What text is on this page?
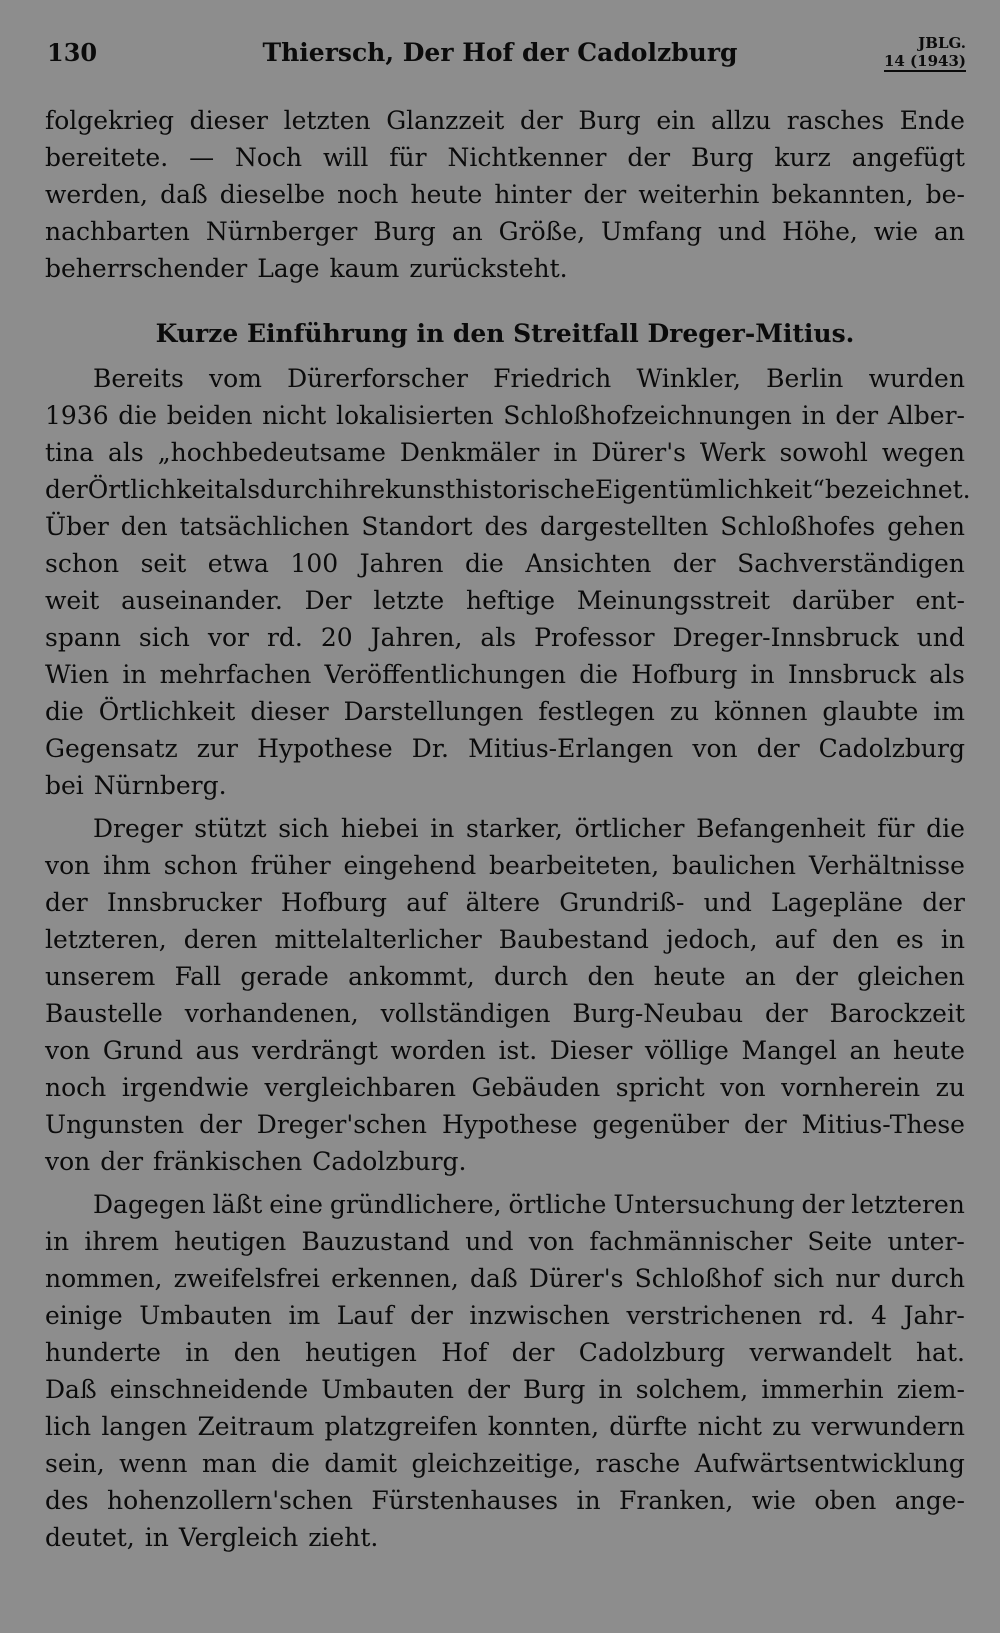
130	Thiersch, Der Hof der Cadolzburg	JBLG.
14 (1943)
folgekrieg dieser letzten Glanzzeit der Burg ein allzu rasches Ende
bereitete. — Noch will für Nichtkenner der Burg kurz angefügt
werden, daß dieselbe noch heute hinter der weiterhin bekannten, be-
nachbarten Nürnberger Burg an Größe, Umfang und Höhe, wie an
beherrschender Lage kaum zurücksteht.
Kurze Einführung in den Streitfall Dreger-Mitius.
Bereits vom Dürerforscher Friedrich Winkler, Berlin wurden
1936 die beiden nicht lokalisierten Schloßhofzeichnungen in der Alber-
tina als „hochbedeutsame Denkmäler in Dürer's Werk sowohl wegen
der Örtlichkeit als durch ihre kunsthistorische Eigentümlichkeit“ bezeichnet.
Über den tatsächlichen Standort des dargestellten Schloßhofes gehen
schon seit etwa 100 Jahren die Ansichten der Sachverständigen
weit auseinander. Der letzte heftige Meinungsstreit darüber ent-
spann sich vor rd. 20 Jahren, als Professor Dreger-Innsbruck und
Wien in mehrfachen Veröffentlichungen die Hofburg in Innsbruck als
die Örtlichkeit dieser Darstellungen festlegen zu können glaubte im
Gegensatz zur Hypothese Dr. Mitius-Erlangen von der Cadolzburg
bei Nürnberg.
Dreger stützt sich hiebei in starker, örtlicher Befangenheit für die
von ihm schon früher eingehend bearbeiteten, baulichen Verhältnisse
der Innsbrucker Hofburg auf ältere Grundriß- und Lagepläne der
letzteren, deren mittelalterlicher Baubestand jedoch, auf den es in
unserem Fall gerade ankommt, durch den heute an der gleichen
Baustelle vorhandenen, vollständigen Burg-Neubau der Barockzeit
von Grund aus verdrängt worden ist. Dieser völlige Mangel an heute
noch irgendwie vergleichbaren Gebäuden spricht von vornherein zu
Ungunsten der Dreger'schen Hypothese gegenüber der Mitius-These
von der fränkischen Cadolzburg.
Dagegen läßt eine gründlichere, örtliche Untersuchung der letzteren
in ihrem heutigen Bauzustand und von fachmännischer Seite unter-
nommen, zweifelsfrei erkennen, daß Dürer's Schloßhof sich nur durch
einige Umbauten im Lauf der inzwischen verstrichenen rd. 4 Jahr-
hunderte in den heutigen Hof der Cadolzburg verwandelt hat.
Daß einschneidende Umbauten der Burg in solchem, immerhin ziem-
lich langen Zeitraum platzgreifen konnten, dürfte nicht zu verwundern
sein, wenn man die damit gleichzeitige, rasche Aufwärtsentwicklung
des hohenzollern'schen Fürstenhauses in Franken, wie oben ange-
deutet, in Vergleich zieht.
